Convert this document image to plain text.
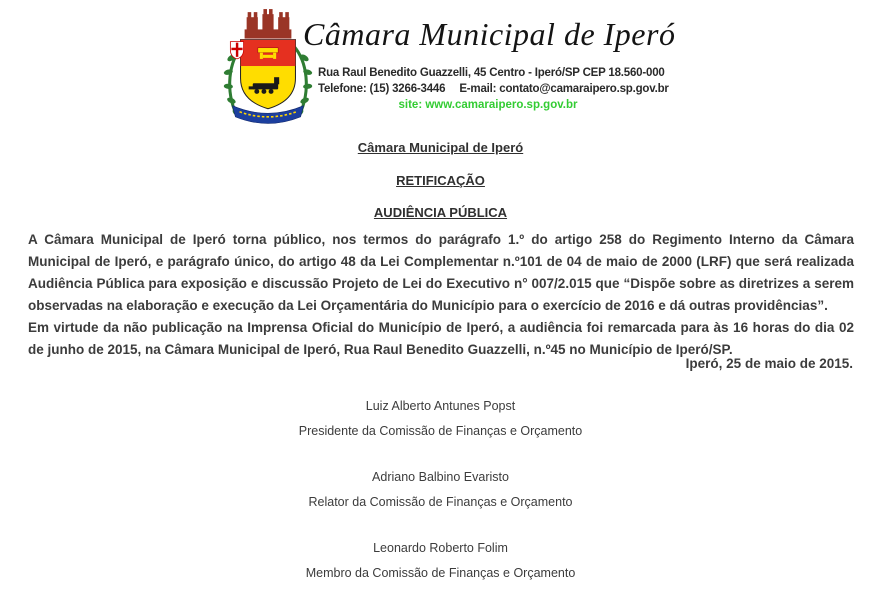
Câmara Municipal de Iperó
Rua Raul Benedito Guazzelli, 45 Centro - Iperó/SP CEP 18.560-000
Telefone: (15) 3266-3446 E-mail: contato@camaraipero.sp.gov.br
site: www.camaraipero.sp.gov.br
Câmara Municipal de Iperó
RETIFICAÇÃO
AUDIÊNCIA PÚBLICA

A Câmara Municipal de Iperó torna público, nos termos do parágrafo 1.º do artigo 258 do Regimento Interno da Câmara Municipal de Iperó, e parágrafo único, do artigo 48 da Lei Complementar n.º101 de 04 de maio de 2000 (LRF) que será realizada Audiência Pública para exposição e discussão Projeto de Lei do Executivo n° 007/2.015 que “Dispõe sobre as diretrizes a serem observadas na elaboração e execução da Lei Orçamentária do Município para o exercício de 2016 e dá outras providências”.

Em virtude da não publicação na Imprensa Oficial do Município de Iperó, a audiência foi remarcada para às 16 horas do dia 02 de junho de 2015, na Câmara Municipal de Iperó, Rua Raul Benedito Guazzelli, n.º45 no Município de Iperó/SP.

Iperó, 25 de maio de 2015.
Luiz Alberto Antunes Popst
Presidente da Comissão de Finanças e Orçamento
Adriano Balbino Evaristo
Relator da Comissão de Finanças e Orçamento
Leonardo Roberto Folim
Membro da Comissão de Finanças e Orçamento
